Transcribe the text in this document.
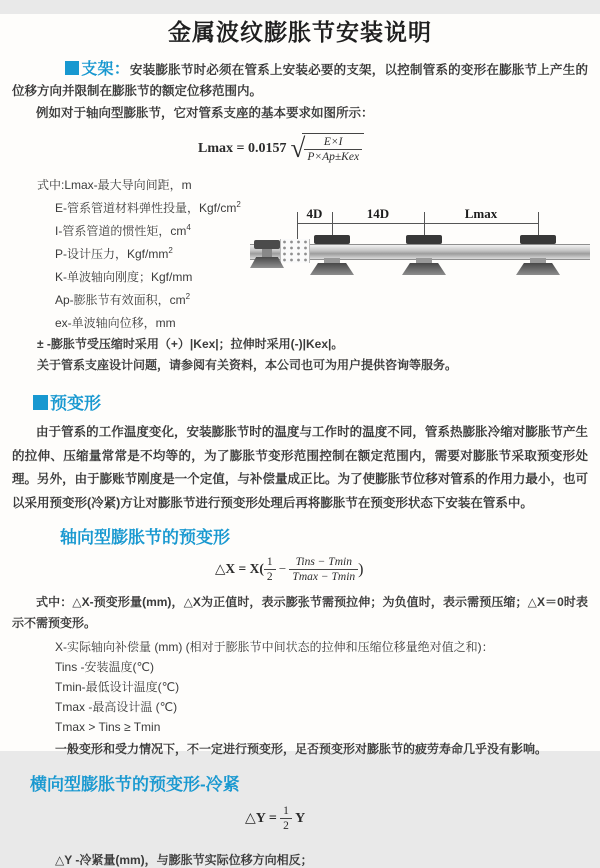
金属波纹膨胀节安装说明

支架：安装膨胀节时必须在管系上安装必要的支架，以控制管系的变形在膨胀节上产生的位移方向并限制在膨胀节的额定位移范围内。

例如对于轴向型膨胀节，它对管系支座的基本要求如图所示：

Lmax = 0.0157 √ $\frac{E\times I}{\text{P×Ap±Kex}}$
式中:Lmax-最大导向间距，m
E-管系管道材料弹性投量，Kgf/$cm^2$
I-管系管道的惯性矩，$cm^4$
P-设计压力，Kgf/$mm^2$
K-单波轴向刚度；Kgf/mm
Ap-膨胀节有效面积，$cm^2$
ex-单波轴向位移，mm
± -膨胀节受压缩时采用（+）|Kex|；拉伸时采用(-)|Kex|。
关于管系支座设计问题，请参阅有关资料，本公司也可为用户提供咨询等服务。
预变形

由于管系的工作温度变化，安装膨胀节时的温度与工作时的温度不同，管系热膨胀冷缩对膨胀节产生的拉伸、压缩量常常是不均等的，为了膨胀节变形范围控制在额定范围内，需要对膨胀节采取预变形处理。另外，由于膨账节刚度是一个定值，与补偿量成正比。为了使膨胀节位移对管系的作用力最小，也可以采用预变形(冷紧)方让对膨胀节进行预变形处理后再将膨胀节在预变形状态下安装在管系中。

轴向型膨胀节的预变形
△X = $X( \frac{1}{2} - \frac{\text{Tins − Tmin}}{Tmax - Tmin}$ )

式中：△X-预变形量(mm)，△X为正值时，表示膨张节需预拉伸；为负值时，表示需预压缩；△X＝0时表示不需预变形。

X-实际轴向补偿量 (mm) (相对于膨胀节中间状态的拉伸和压缩位移量绝对值之和)：
Tins -安装温度(℃)
Tmin-最低设计温度(℃)
Tmax -最高设计温 (℃)
Tmax > Tins ≥ Tmin
一般变形和受力情况下，不一定进行预变形，足否预变形对膨胀节的疲劳寿命几乎没有影响。
横向型膨胀节的预变形-冷紧
△Y = $\frac{1}{2}$ Y
△Y -冷紧量(mm)，与膨胀节实际位移方向相反；
4D	14D	Lmax
